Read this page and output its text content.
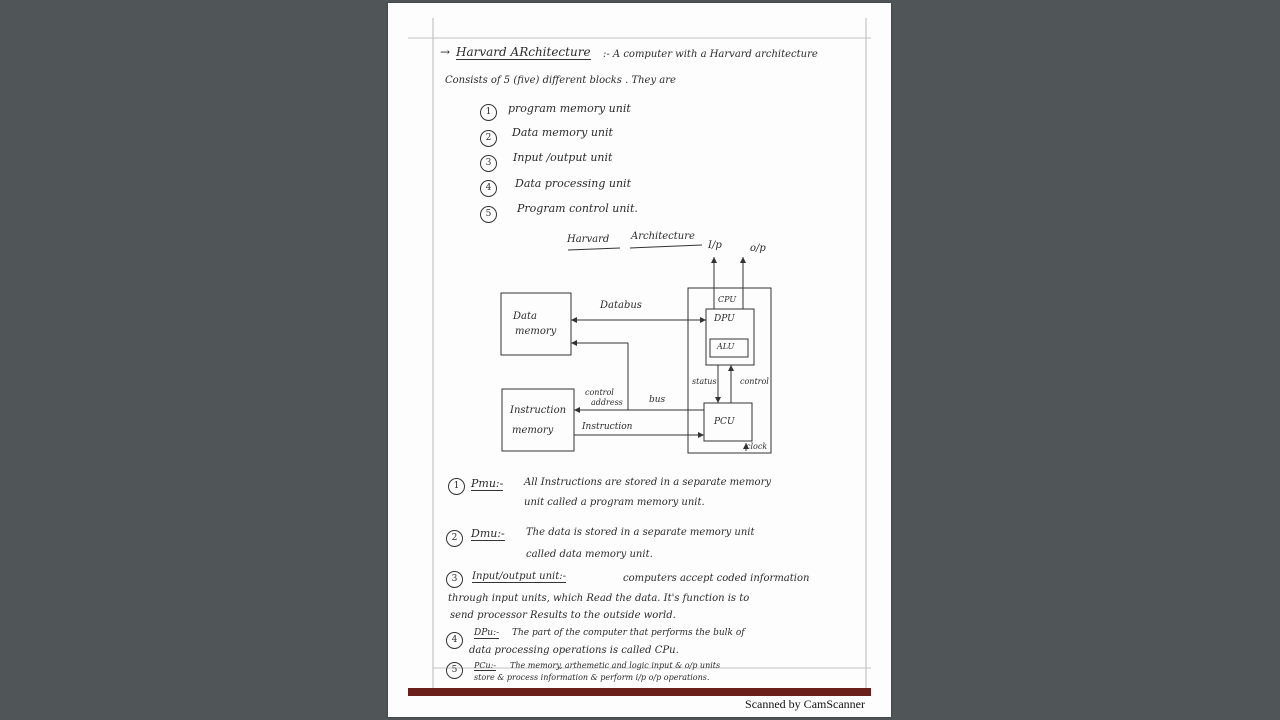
→ Harvard ARchitecture :- A computer with a Harvard architecture
Consists of 5 (five) different blocks . They are
1	program memory unit
2	Data memory unit
3	Input /output unit
4	Data processing unit
5	Program control unit.
Harvard Architecture
I/p	o/p
Data
memory
Databus
CPU
DPU
ALU
status	control
control
address	bus
Instruction
memory	Instruction	PCU
clock
1	Pmu:- All Instructions are stored in a separate memory
unit called a program memory unit.
2	Dmu:- The data is stored in a separate memory unit
called data memory unit.
3	Input/output unit:-	computers accept coded information
through input units, which Read the data. It's function is to
send processor Results to the outside world.
4
DPu:- The part of the computer that performs the bulk of
data processing operations is called CPu.
5	PCu:- The memory, arthemetic and logic input & o/p units
store & process information & perform i/p o/p operations.
Scanned by CamScanner
